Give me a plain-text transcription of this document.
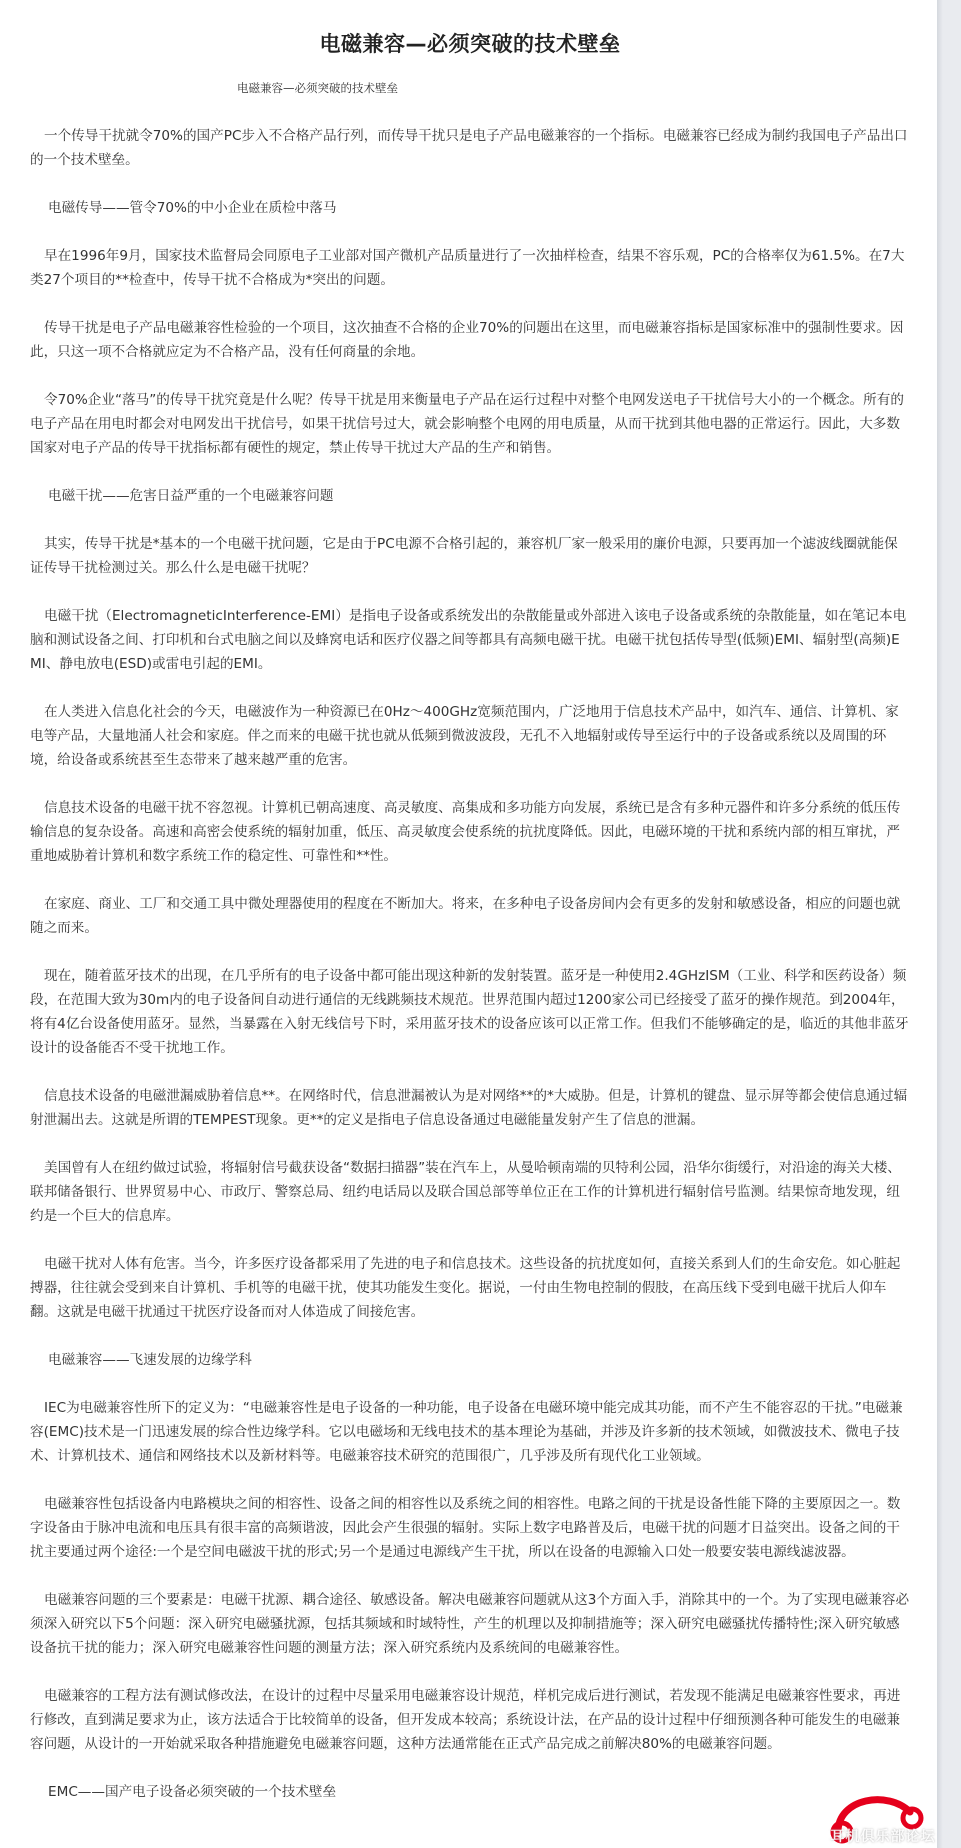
电磁兼容—必须突破的技术壁垒

电磁兼容—必须突破的技术壁垒

一个传导干扰就令70%的国产PC步入不合格产品行列，而传导干扰只是电子产品电磁兼容的一个指标。电磁兼容已经成为制约我国电子产品出口的一个技术壁垒。

电磁传导——管令70%的中小企业在质检中落马

早在1996年9月，国家技术监督局会同原电子工业部对国产微机产品质量进行了一次抽样检查，结果不容乐观，PC的合格率仅为61.5%。在7大类27个项目的**检查中，传导干扰不合格成为*突出的问题。

传导干扰是电子产品电磁兼容性检验的一个项目，这次抽查不合格的企业70%的问题出在这里，而电磁兼容指标是国家标准中的强制性要求。因此，只这一项不合格就应定为不合格产品，没有任何商量的余地。

令70%企业“落马”的传导干扰究竟是什么呢？传导干扰是用来衡量电子产品在运行过程中对整个电网发送电子干扰信号大小的一个概念。所有的电子产品在用电时都会对电网发出干扰信号，如果干扰信号过大，就会影响整个电网的用电质量，从而干扰到其他电器的正常运行。因此，大多数国家对电子产品的传导干扰指标都有硬性的规定，禁止传导干扰过大产品的生产和销售。

电磁干扰——危害日益严重的一个电磁兼容问题

其实，传导干扰是*基本的一个电磁干扰问题，它是由于PC电源不合格引起的，兼容机厂家一般采用的廉价电源，只要再加一个滤波线圈就能保证传导干扰检测过关。那么什么是电磁干扰呢？

电磁干扰（ElectromagneticInterference-EMI）是指电子设备或系统发出的杂散能量或外部进入该电子设备或系统的杂散能量，如在笔记本电脑和测试设备之间、打印机和台式电脑之间以及蜂窝电话和医疗仪器之间等都具有高频电磁干扰。电磁干扰包括传导型(低频)EMI、辐射型(高频)EMI、静电放电(ESD)或雷电引起的EMI。

在人类进入信息化社会的今天，电磁波作为一种资源已在0Hz～400GHz宽频范围内，广泛地用于信息技术产品中，如汽车、通信、计算机、家电等产品，大量地涌人社会和家庭。伴之而来的电磁干扰也就从低频到微波波段，无孔不入地辐射或传导至运行中的子设备或系统以及周围的环境，给设备或系统甚至生态带来了越来越严重的危害。

信息技术设备的电磁干扰不容忽视。计算机已朝高速度、高灵敏度、高集成和多功能方向发展，系统已是含有多种元器件和许多分系统的低压传输信息的复杂设备。高速和高密会使系统的辐射加重，低压、高灵敏度会使系统的抗扰度降低。因此，电磁环境的干扰和系统内部的相互窜扰，严重地威胁着计算机和数字系统工作的稳定性、可靠性和**性。

在家庭、商业、工厂和交通工具中微处理器使用的程度在不断加大。将来，在多种电子设备房间内会有更多的发射和敏感设备，相应的问题也就随之而来。

现在，随着蓝牙技术的出现，在几乎所有的电子设备中都可能出现这种新的发射装置。蓝牙是一种使用2.4GHzISM（工业、科学和医药设备）频段，在范围大致为30m内的电子设备间自动进行通信的无线跳频技术规范。世界范围内超过1200家公司已经接受了蓝牙的操作规范。到2004年，将有4亿台设备使用蓝牙。显然，当暴露在入射无线信号下时，采用蓝牙技术的设备应该可以正常工作。但我们不能够确定的是，临近的其他非蓝牙设计的设备能否不受干扰地工作。

信息技术设备的电磁泄漏威胁着信息**。在网络时代，信息泄漏被认为是对网络**的*大威胁。但是，计算机的键盘、显示屏等都会使信息通过辐射泄漏出去。这就是所谓的TEMPEST现象。更**的定义是指电子信息设备通过电磁能量发射产生了信息的泄漏。

美国曾有人在纽约做过试验，将辐射信号截获设备“数据扫描器”装在汽车上，从曼哈顿南端的贝特利公园，沿华尔街缓行，对沿途的海关大楼、联邦储备银行、世界贸易中心、市政厅、警察总局、纽约电话局以及联合国总部等单位正在工作的计算机进行辐射信号监测。结果惊奇地发现，纽约是一个巨大的信息库。

电磁干扰对人体有危害。当今，许多医疗设备都采用了先进的电子和信息技术。这些设备的抗扰度如何，直接关系到人们的生命安危。如心脏起搏器，往往就会受到来自计算机、手机等的电磁干扰，使其功能发生变化。据说，一付由生物电控制的假肢，在高压线下受到电磁干扰后人仰车翻。这就是电磁干扰通过干扰医疗设备而对人体造成了间接危害。

电磁兼容——飞速发展的边缘学科

IEC为电磁兼容性所下的定义为：“电磁兼容性是电子设备的一种功能，电子设备在电磁环境中能完成其功能，而不产生不能容忍的干扰。”电磁兼容(EMC)技术是一门迅速发展的综合性边缘学科。它以电磁场和无线电技术的基本理论为基础，并涉及许多新的技术领域，如微波技术、微电子技术、计算机技术、通信和网络技术以及新材料等。电磁兼容技术研究的范围很广，几乎涉及所有现代化工业领域。

电磁兼容性包括设备内电路模块之间的相容性、设备之间的相容性以及系统之间的相容性。电路之间的干扰是设备性能下降的主要原因之一。数字设备由于脉冲电流和电压具有很丰富的高频谐波，因此会产生很强的辐射。实际上数字电路普及后，电磁干扰的问题才日益突出。设备之间的干扰主要通过两个途径:一个是空间电磁波干扰的形式;另一个是通过电源线产生干扰，所以在设备的电源输入口处一般要安装电源线滤波器。

电磁兼容问题的三个要素是：电磁干扰源、耦合途径、敏感设备。解决电磁兼容问题就从这3个方面入手，消除其中的一个。为了实现电磁兼容必须深入研究以下5个问题：深入研究电磁骚扰源，包括其频域和时域特性，产生的机理以及抑制措施等；深入研究电磁骚扰传播特性;深入研究敏感设备抗干扰的能力；深入研究电磁兼容性问题的测量方法；深入研究系统内及系统间的电磁兼容性。

电磁兼容的工程方法有测试修改法，在设计的过程中尽量采用电磁兼容设计规范，样机完成后进行测试，若发现不能满足电磁兼容性要求，再进行修改，直到满足要求为止，该方法适合于比较简单的设备，但开发成本较高；系统设计法，在产品的设计过程中仔细预测各种可能发生的电磁兼容问题，从设计的一开始就采取各种措施避免电磁兼容问题，这种方法通常能在正式产品完成之前解决80%的电磁兼容问题。

EMC——国产电子设备必须突破的一个技术壁垒

耳机俱乐部论坛
